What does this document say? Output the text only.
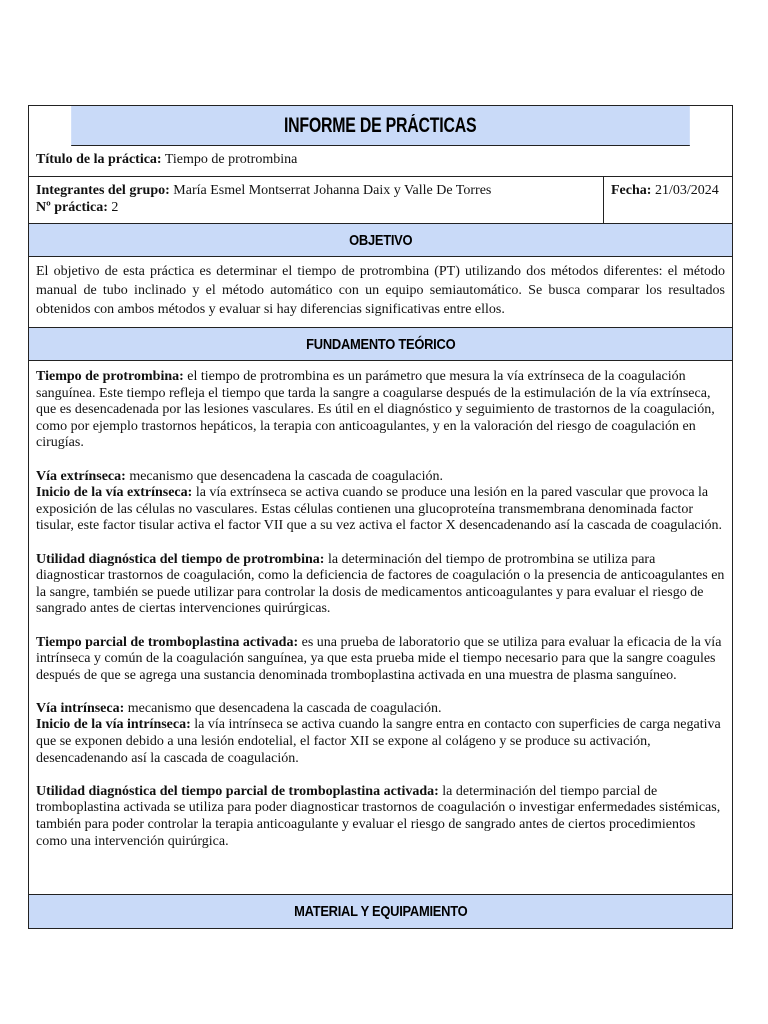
INFORME DE PRÁCTICAS
Título de la práctica: Tiempo de protrombina
Integrantes del grupo: María Esmel Montserrat Johanna Daix y Valle De Torres
Nº práctica: 2
Fecha: 21/03/2024
OBJETIVO
El objetivo de esta práctica es determinar el tiempo de protrombina (PT) utilizando dos métodos diferentes: el método manual de tubo inclinado y el método automático con un equipo semiautomático. Se busca comparar los resultados obtenidos con ambos métodos y evaluar si hay diferencias significativas entre ellos.
FUNDAMENTO TEÓRICO

Tiempo de protrombina: el tiempo de protrombina es un parámetro que mesura la vía extrínseca de la coagulación sanguínea. Este tiempo refleja el tiempo que tarda la sangre a coagularse después de la estimulación de la vía extrínseca, que es desencadenada por las lesiones vasculares. Es útil en el diagnóstico y seguimiento de trastornos de la coagulación, como por ejemplo trastornos hepáticos, la terapia con anticoagulantes, y en la valoración del riesgo de coagulación en cirugías.

Vía extrínseca: mecanismo que desencadena la cascada de coagulación.
Inicio de la vía extrínseca: la vía extrínseca se activa cuando se produce una lesión en la pared vascular que provoca la exposición de las células no vasculares. Estas células contienen una glucoproteína transmembrana denominada factor tisular, este factor tisular activa el factor VII que a su vez activa el factor X desencadenando así la cascada de coagulación.

Utilidad diagnóstica del tiempo de protrombina: la determinación del tiempo de protrombina se utiliza para diagnosticar trastornos de coagulación, como la deficiencia de factores de coagulación o la presencia de anticoagulantes en la sangre, también se puede utilizar para controlar la dosis de medicamentos anticoagulantes y para evaluar el riesgo de sangrado antes de ciertas intervenciones quirúrgicas.

Tiempo parcial de tromboplastina activada: es una prueba de laboratorio que se utiliza para evaluar la eficacia de la vía intrínseca y común de la coagulación sanguínea, ya que esta prueba mide el tiempo necesario para que la sangre coagules después de que se agrega una sustancia denominada tromboplastina activada en una muestra de plasma sanguíneo.

Vía intrínseca: mecanismo que desencadena la cascada de coagulación.
Inicio de la vía intrínseca: la vía intrínseca se activa cuando la sangre entra en contacto con superficies de carga negativa que se exponen debido a una lesión endotelial, el factor XII se expone al colágeno y se produce su activación, desencadenando así la cascada de coagulación.

Utilidad diagnóstica del tiempo parcial de tromboplastina activada: la determinación del tiempo parcial de tromboplastina activada se utiliza para poder diagnosticar trastornos de coagulación o investigar enfermedades sistémicas, también para poder controlar la terapia anticoagulante y evaluar el riesgo de sangrado antes de ciertos procedimientos como una intervención quirúrgica.

MATERIAL Y EQUIPAMIENTO
